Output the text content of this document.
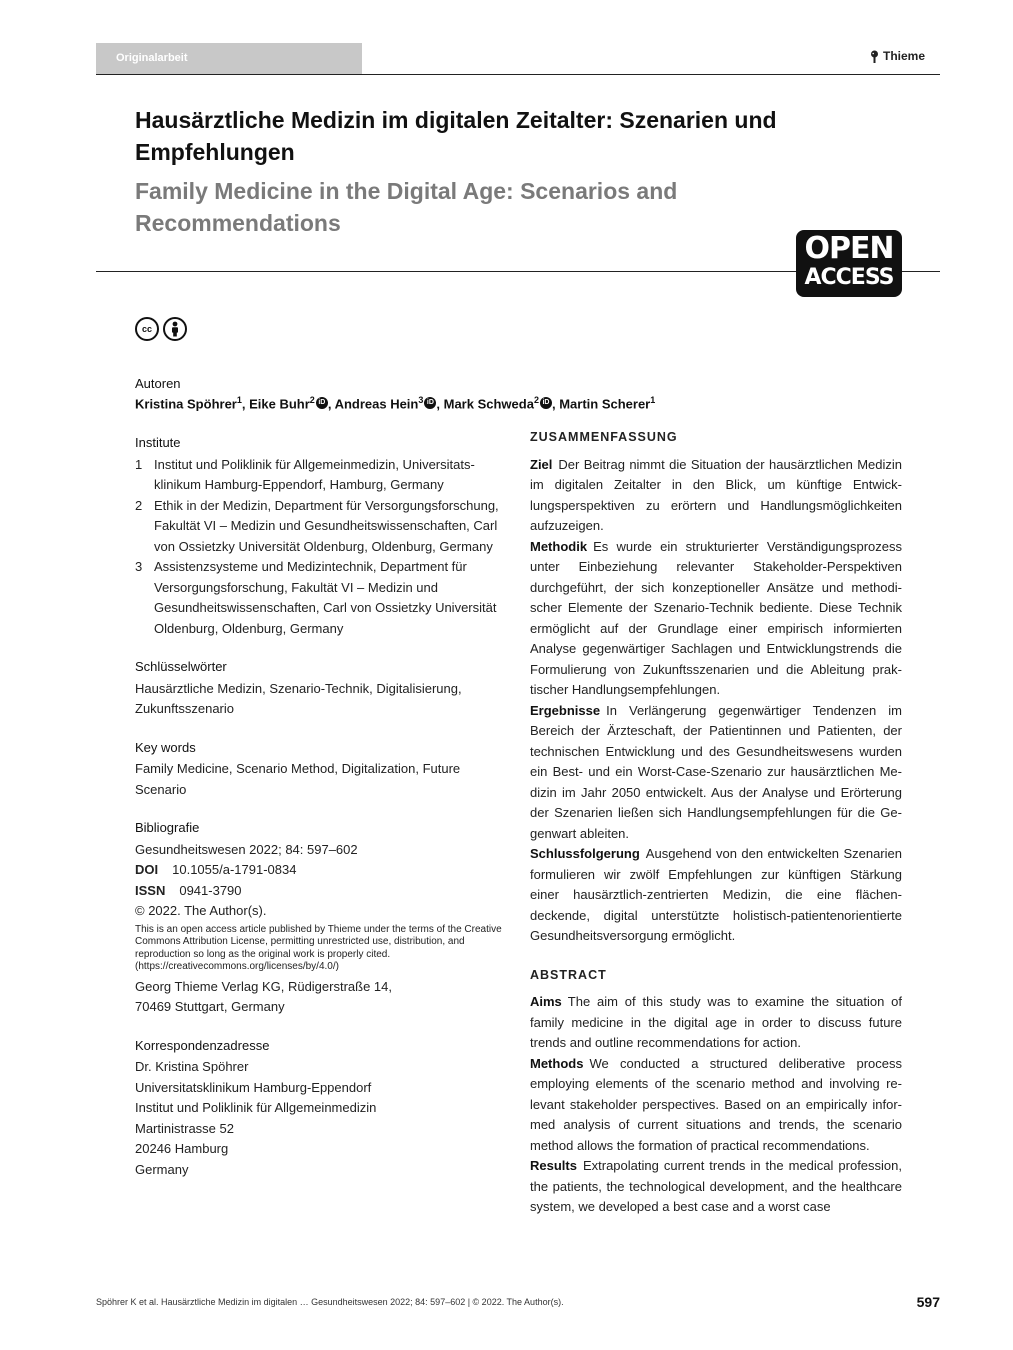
Originalarbeit	Thieme
Hausärztliche Medizin im digitalen Zeitalter: Szenarien und Empfehlungen
Family Medicine in the Digital Age: Scenarios and Recommendations
OPEN
ACCESS
cc
Autoren
Kristina Spöhrer$^1$, Eike Buhr$^2$ iD , Andreas Hein$^3$ iD , Mark Schweda$^2$ iD , Martin Scherer$^1$
Institute
1 Institut und Poliklinik für Allgemeinmedizin, Universitatsklinikum Hamburg-Eppendorf, Hamburg, Germany
2 Ethik in der Medizin, Department für Versorgungsforschung, Fakultät VI – Medizin und Gesundheitswissenschaften, Carl von Ossietzky Universität Oldenburg, Oldenburg, Germany
3 Assistenzsysteme und Medizintechnik, Department für Versorgungsforschung, Fakultät VI – Medizin und Gesundheitswissenschaften, Carl von Ossietzky Universität Oldenburg, Oldenburg, Germany
Schlüsselwörter
Hausärztliche Medizin, Szenario-Technik, Digitalisierung, Zukunftsszenario
Key words
Family Medicine, Scenario Method, Digitalization, Future Scenario
Bibliografie
Gesundheitswesen 2022; 84: 597–602
DOI 10.1055/a-1791-0834
ISSN 0941-3790
© 2022. The Author(s).
This is an open access article published by Thieme under the terms of the Creative Commons Attribution License, permitting unrestricted use, distribution, and reproduction so long as the original work is properly cited. (https://creativecommons.org/licenses/by/4.0/)
Georg Thieme Verlag KG, Rüdigerstraße 14,
70469 Stuttgart, Germany
Korrespondenzadresse
Dr. Kristina Spöhrer
Universitatsklinikum Hamburg-Eppendorf
Institut und Poliklinik für Allgemeinmedizin
Martinistrasse 52
20246 Hamburg
Germany
ZUSAMMENFASSUNG

Ziel Der Beitrag nimmt die Situation der hausärztlichen Medizin im digitalen Zeitalter in den Blick, um künftige Entwicklungsperspektiven zu erörtern und Handlungsmöglichkeiten aufzuzeigen.

Methodik Es wurde ein strukturierter Verständigungsprozess unter Einbeziehung relevanter Stakeholder-Perspektiven durchgeführt, der sich konzeptioneller Ansätze und methodischer Elemente der Szenario-Technik bediente. Diese Technik ermöglicht auf der Grundlage einer empirisch informierten Analyse gegenwärtiger Sachlagen und Entwicklungstrends die Formulierung von Zukunftsszenarien und die Ableitung praktischer Handlungsempfehlungen.

Ergebnisse In Verlängerung gegenwärtiger Tendenzen im Bereich der Ärzteschaft, der Patientinnen und Patienten, der technischen Entwicklung und des Gesundheitswesens wurden ein Best- und ein Worst-Case-Szenario zur hausärztlichen Medizin im Jahr 2050 entwickelt. Aus der Analyse und Erörterung der Szenarien ließen sich Handlungsempfehlungen für die Gegenwart ableiten.

Schlussfolgerung Ausgehend von den entwickelten Szenarien formulieren wir zwölf Empfehlungen zur künftigen Stärkung einer hausärztlich-zentrierten Medizin, die eine flächendeckende, digital unterstützte holistisch-patientenorientierte Gesundheitsversorgung ermöglicht.

ABSTRACT

Aims The aim of this study was to examine the situation of family medicine in the digital age in order to discuss future trends and outline recommendations for action.

Methods We conducted a structured deliberative process employing elements of the scenario method and involving relevant stakeholder perspectives. Based on an empirically informed analysis of current situations and trends, the scenario method allows the formation of practical recommendations.

Results Extrapolating current trends in the medical profession, the patients, the technological development, and the healthcare system, we developed a best case and a worst case

Spöhrer K et al. Hausärztliche Medizin im digitalen … Gesundheitswesen 2022; 84: 597–602 | © 2022. The Author(s).	597
